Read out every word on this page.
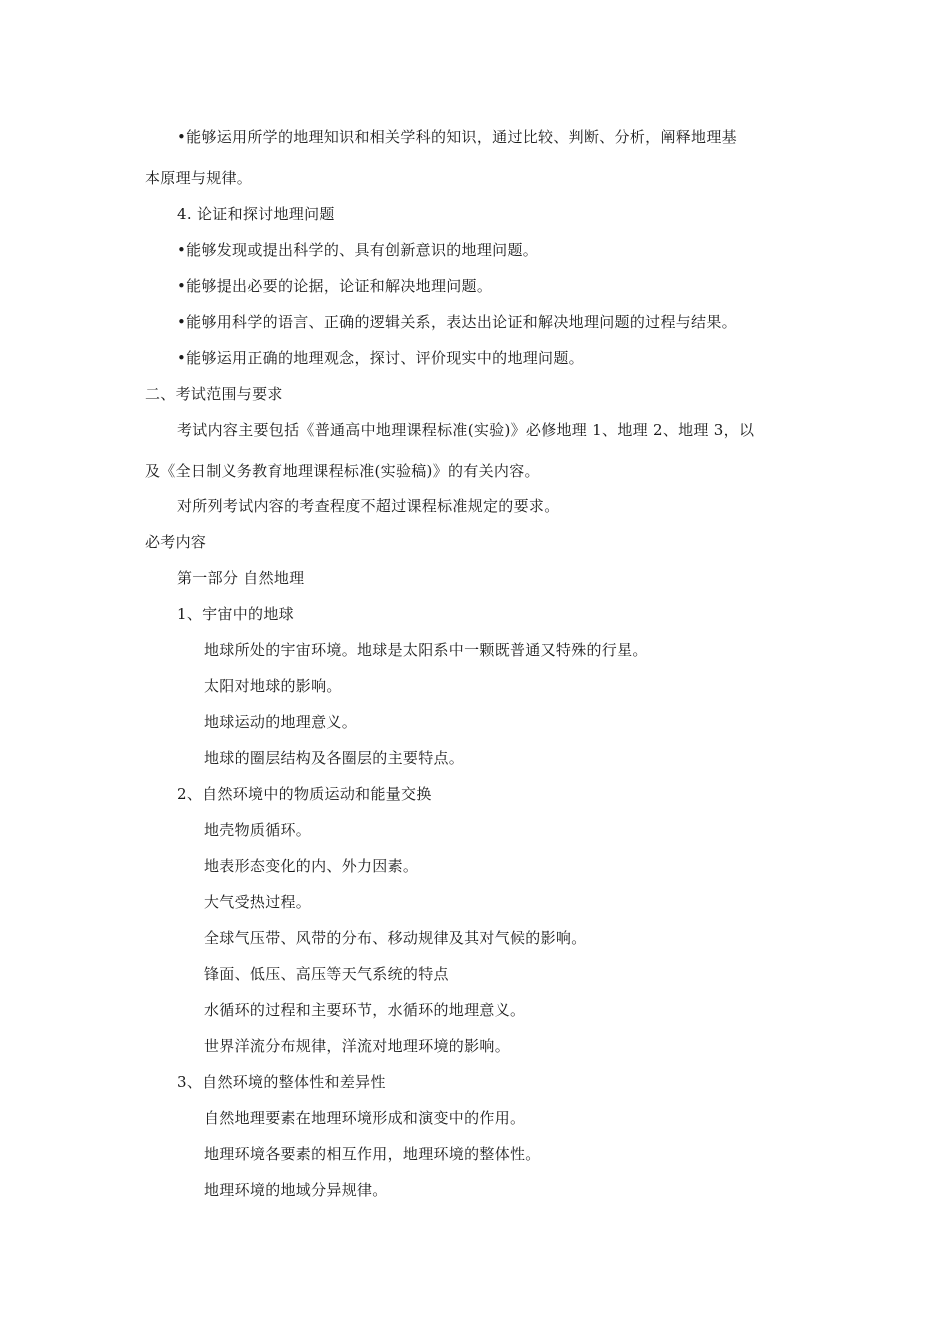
•能够运用所学的地理知识和相关学科的知识，通过比较、判断、分析，阐释地理基
本原理与规律。
4. 论证和探讨地理问题
•能够发现或提出科学的、具有创新意识的地理问题。
•能够提出必要的论据，论证和解决地理问题。
•能够用科学的语言、正确的逻辑关系，表达出论证和解决地理问题的过程与结果。
•能够运用正确的地理观念，探讨、评价现实中的地理问题。
二、考试范围与要求
考试内容主要包括《普通高中地理课程标准(实验)》必修地理 1、地理 2、地理 3，以
及《全日制义务教育地理课程标准(实验稿)》的有关内容。
对所列考试内容的考查程度不超过课程标准规定的要求。
必考内容
第一部分 自然地理
1、宇宙中的地球
地球所处的宇宙环境。地球是太阳系中一颗既普通又特殊的行星。
太阳对地球的影响。
地球运动的地理意义。
地球的圈层结构及各圈层的主要特点。
2、自然环境中的物质运动和能量交换
地壳物质循环。
地表形态变化的内、外力因素。
大气受热过程。
全球气压带、风带的分布、移动规律及其对气候的影响。
锋面、低压、高压等天气系统的特点
水循环的过程和主要环节，水循环的地理意义。
世界洋流分布规律，洋流对地理环境的影响。
3、自然环境的整体性和差异性
自然地理要素在地理环境形成和演变中的作用。
地理环境各要素的相互作用，地理环境的整体性。
地理环境的地域分异规律。
